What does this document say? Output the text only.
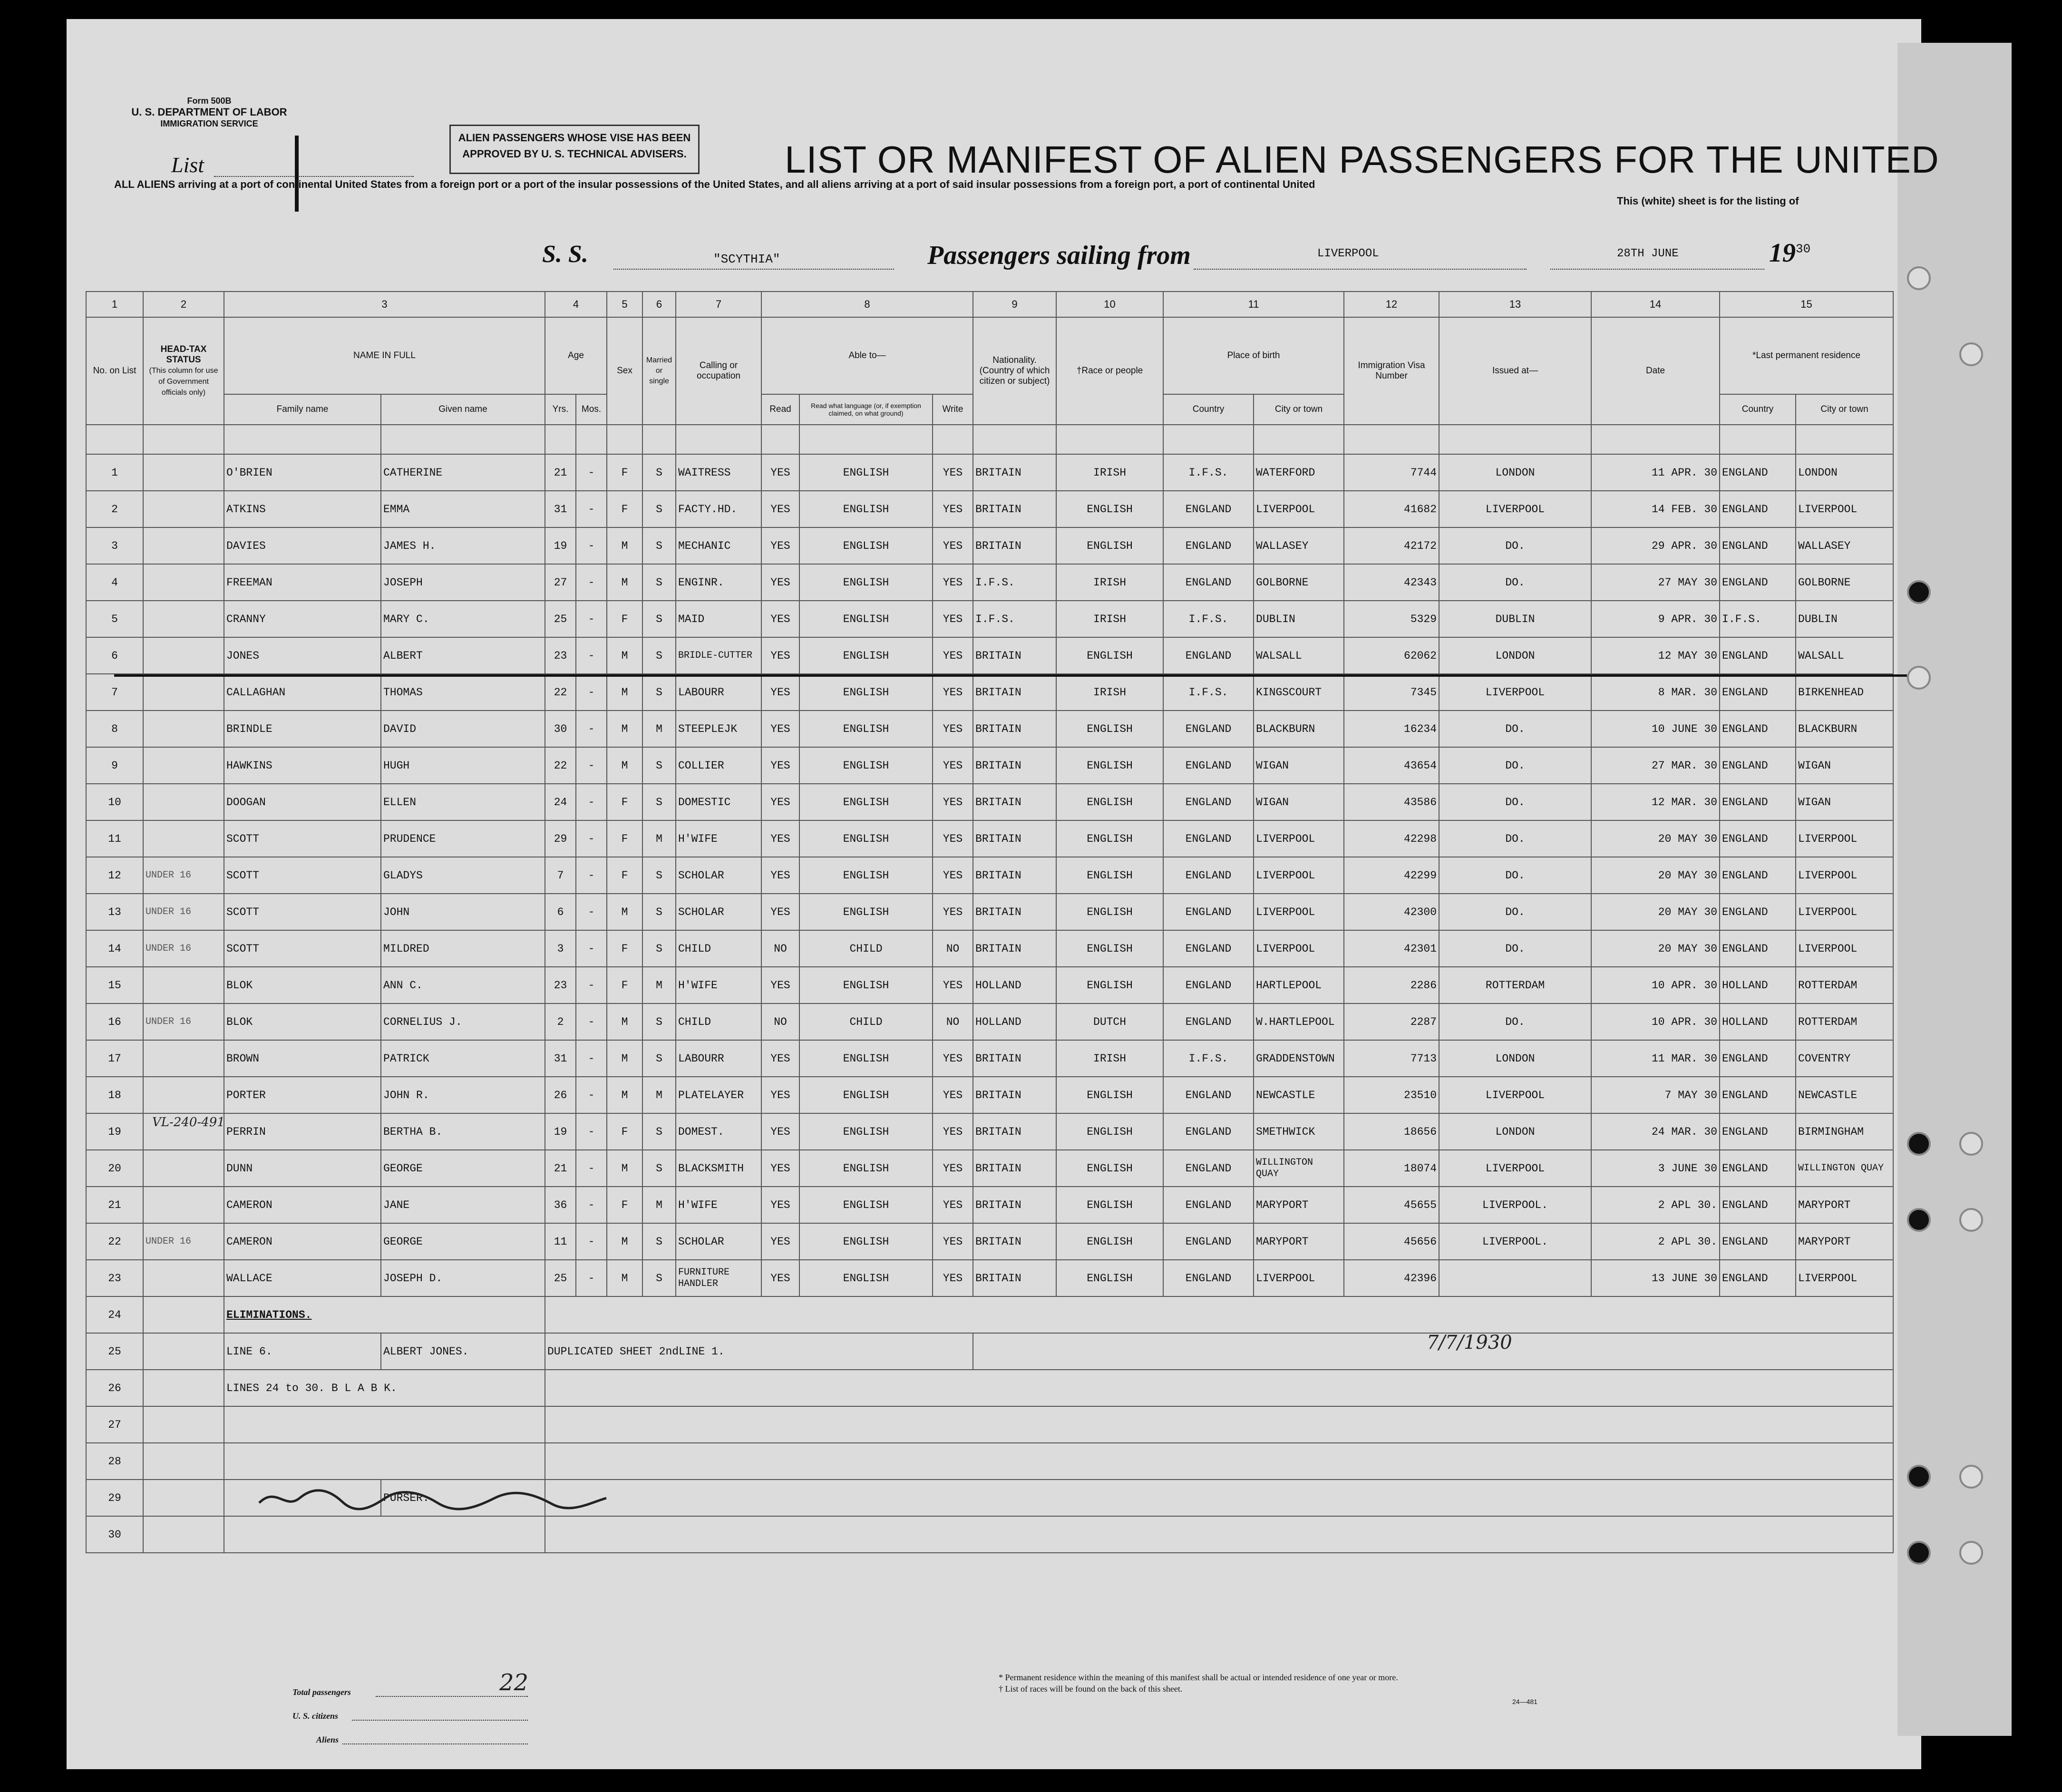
Form 500B
U. S. DEPARTMENT OF LABOR
IMMIGRATION SERVICE
List
ALIEN PASSENGERS WHOSE VISE HAS BEEN
APPROVED BY U. S. TECHNICAL ADVISERS.	LIST OR MANIFEST OF ALIEN PASSENGERS FOR THE UNITED
ALL ALIENS arriving at a port of continental United States from a foreign port or a port of the insular possessions of the United States, and all aliens arriving at a port of said insular possessions from a foreign port, a port of continental United
This (white) sheet is for the listing of
S. S.	"SCYTHIA"	Passengers sailing from	LIVERPOOL	28TH JUNE	$19^{30}$
1	2	3		4		5	6	7	8			9	10	11		12	13	14	15	
No. on List	HEAD-TAX STATUS
(This column for use of Government officials only)	NAME IN FULL		Age		Sex	Married or single	Calling or occupation	Able to—			Nationality. (Country of which citizen or subject)	†Race or people	Place of birth		Immigration Visa Number	Issued at—	Date	*Last permanent residence	
		Family name	Given name	Yrs.	Mos.				Read	Read what language (or, if exemption claimed, on what ground)	Write			Country	City or town				Country	City or town

1		O'BRIEN	CATHERINE	21	-	F	S	WAITRESS	YES	ENGLISH	YES	BRITAIN	IRISH	I.F.S.	WATERFORD	7744	LONDON	11 APR. 30	ENGLAND	LONDON
2		ATKINS	EMMA	31	-	F	S	FACTY.HD.	YES	ENGLISH	YES	BRITAIN	ENGLISH	ENGLAND	LIVERPOOL	41682	LIVERPOOL	14 FEB. 30	ENGLAND	LIVERPOOL
3		DAVIES	JAMES H.	19	-	M	S	MECHANIC	YES	ENGLISH	YES	BRITAIN	ENGLISH	ENGLAND	WALLASEY	42172	DO.	29 APR. 30	ENGLAND	WALLASEY
4		FREEMAN	JOSEPH	27	-	M	S	ENGINR.	YES	ENGLISH	YES	I.F.S.	IRISH	ENGLAND	GOLBORNE	42343	DO.	27 MAY 30	ENGLAND	GOLBORNE
5		CRANNY	MARY C.	25	-	F	S	MAID	YES	ENGLISH	YES	I.F.S.	IRISH	I.F.S.	DUBLIN	5329	DUBLIN	9 APR. 30	I.F.S.	DUBLIN
6		JONES	ALBERT	23	-	M	S	BRIDLE-CUTTER	YES	ENGLISH	YES	BRITAIN	ENGLISH	ENGLAND	WALSALL	62062	LONDON	12 MAY 30	ENGLAND	WALSALL
7		CALLAGHAN	THOMAS	22	-	M	S	LABOURR	YES	ENGLISH	YES	BRITAIN	IRISH	I.F.S.	KINGSCOURT	7345	LIVERPOOL	8 MAR. 30	ENGLAND	BIRKENHEAD
8		BRINDLE	DAVID	30	-	M	M	STEEPLEJK	YES	ENGLISH	YES	BRITAIN	ENGLISH	ENGLAND	BLACKBURN	16234	DO.	10 JUNE 30	ENGLAND	BLACKBURN
9		HAWKINS	HUGH	22	-	M	S	COLLIER	YES	ENGLISH	YES	BRITAIN	ENGLISH	ENGLAND	WIGAN	43654	DO.	27 MAR. 30	ENGLAND	WIGAN
10		DOOGAN	ELLEN	24	-	F	S	DOMESTIC	YES	ENGLISH	YES	BRITAIN	ENGLISH	ENGLAND	WIGAN	43586	DO.	12 MAR. 30	ENGLAND	WIGAN
11		SCOTT	PRUDENCE	29	-	F	M	H'WIFE	YES	ENGLISH	YES	BRITAIN	ENGLISH	ENGLAND	LIVERPOOL	42298	DO.	20 MAY 30	ENGLAND	LIVERPOOL
12	UNDER 16	SCOTT	GLADYS	7	-	F	S	SCHOLAR	YES	ENGLISH	YES	BRITAIN	ENGLISH	ENGLAND	LIVERPOOL	42299	DO.	20 MAY 30	ENGLAND	LIVERPOOL
13	UNDER 16	SCOTT	JOHN	6	-	M	S	SCHOLAR	YES	ENGLISH	YES	BRITAIN	ENGLISH	ENGLAND	LIVERPOOL	42300	DO.	20 MAY 30	ENGLAND	LIVERPOOL
14	UNDER 16	SCOTT	MILDRED	3	-	F	S	CHILD	NO	CHILD	NO	BRITAIN	ENGLISH	ENGLAND	LIVERPOOL	42301	DO.	20 MAY 30	ENGLAND	LIVERPOOL
15		BLOK	ANN C.	23	-	F	M	H'WIFE	YES	ENGLISH	YES	HOLLAND	ENGLISH	ENGLAND	HARTLEPOOL	2286	ROTTERDAM	10 APR. 30	HOLLAND	ROTTERDAM
16	UNDER 16	BLOK	CORNELIUS J.	2	-	M	S	CHILD	NO	CHILD	NO	HOLLAND	DUTCH	ENGLAND	W.HARTLEPOOL	2287	DO.	10 APR. 30	HOLLAND	ROTTERDAM
17		BROWN	PATRICK	31	-	M	S	LABOURR	YES	ENGLISH	YES	BRITAIN	IRISH	I.F.S.	GRADDENSTOWN	7713	LONDON	11 MAR. 30	ENGLAND	COVENTRY
18		PORTER	JOHN R.	26	-	M	M	PLATELAYER	YES	ENGLISH	YES	BRITAIN	ENGLISH	ENGLAND	NEWCASTLE	23510	LIVERPOOL	7 MAY 30	ENGLAND	NEWCASTLE
19		PERRIN	BERTHA B.	19	-	F	S	DOMEST.	YES	ENGLISH	YES	BRITAIN	ENGLISH	ENGLAND	SMETHWICK	18656	LONDON	24 MAR. 30	ENGLAND	BIRMINGHAM
20		DUNN	GEORGE	21	-	M	S	BLACKSMITH	YES	ENGLISH	YES	BRITAIN	ENGLISH	ENGLAND	WILLINGTON QUAY	18074	LIVERPOOL	3 JUNE 30	ENGLAND	WILLINGTON QUAY
21		CAMERON	JANE	36	-	F	M	H'WIFE	YES	ENGLISH	YES	BRITAIN	ENGLISH	ENGLAND	MARYPORT	45655	LIVERPOOL.	2 APL 30.	ENGLAND	MARYPORT
22	UNDER 16	CAMERON	GEORGE	11	-	M	S	SCHOLAR	YES	ENGLISH	YES	BRITAIN	ENGLISH	ENGLAND	MARYPORT	45656	LIVERPOOL.	2 APL 30.	ENGLAND	MARYPORT
23		WALLACE	JOSEPH D.	25	-	M	S	FURNITURE HANDLER	YES	ENGLISH	YES	BRITAIN	ENGLISH	ENGLAND	LIVERPOOL	42396		13 JUNE 30	ENGLAND	LIVERPOOL
24		ELIMINATIONS.																		
25		LINE 6.	ALBERT JONES.	DUPLICATED SHEET 2ndLINE 1.																
26		LINES 24 to 30. B L A B K.																		
27																				
28																				
29			PURSER.																	
30																				
7/7/1930
22
VL-240-491
Total passengers
U. S. citizens
Aliens
* Permanent residence within the meaning of this manifest shall be actual or intended residence of one year or more.
† List of races will be found on the back of this sheet.
24—481
